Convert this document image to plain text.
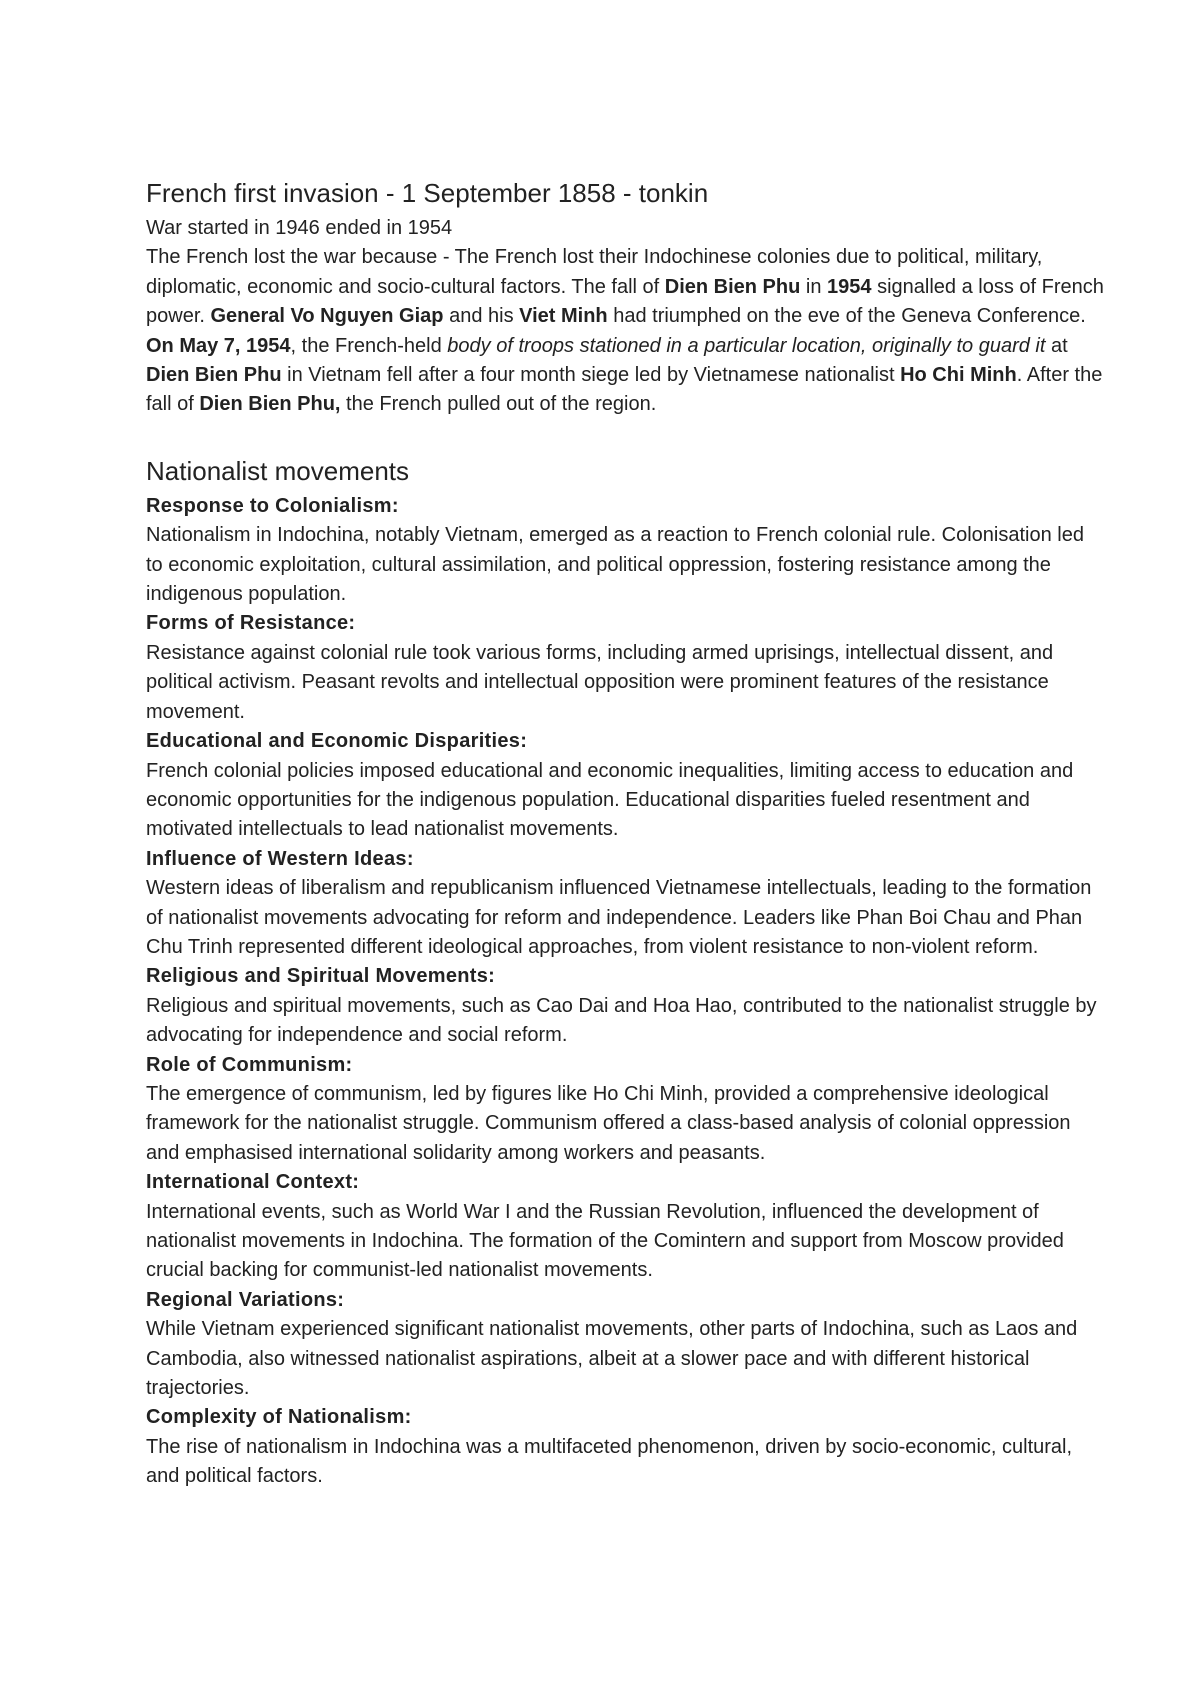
French first invasion - 1 September 1858 - tonkin

War started in 1946 ended in 1954

The French lost the war because - The French lost their Indochinese colonies due to political, military, diplomatic, economic and socio-cultural factors. The fall of Dien Bien Phu in 1954 signalled a loss of French power. General Vo Nguyen Giap and his Viet Minh had triumphed on the eve of the Geneva Conference. On May 7, 1954, the French-held body of troops stationed in a particular location, originally to guard it at Dien Bien Phu in Vietnam fell after a four month siege led by Vietnamese nationalist Ho Chi Minh. After the fall of Dien Bien Phu, the French pulled out of the region.

Nationalist movements

Response to Colonialism:

Nationalism in Indochina, notably Vietnam, emerged as a reaction to French colonial rule. Colonisation led to economic exploitation, cultural assimilation, and political oppression, fostering resistance among the indigenous population.

Forms of Resistance:

Resistance against colonial rule took various forms, including armed uprisings, intellectual dissent, and political activism. Peasant revolts and intellectual opposition were prominent features of the resistance movement.

Educational and Economic Disparities:

French colonial policies imposed educational and economic inequalities, limiting access to education and economic opportunities for the indigenous population. Educational disparities fueled resentment and motivated intellectuals to lead nationalist movements.

Influence of Western Ideas:

Western ideas of liberalism and republicanism influenced Vietnamese intellectuals, leading to the formation of nationalist movements advocating for reform and independence. Leaders like Phan Boi Chau and Phan Chu Trinh represented different ideological approaches, from violent resistance to non-violent reform.

Religious and Spiritual Movements:

Religious and spiritual movements, such as Cao Dai and Hoa Hao, contributed to the nationalist struggle by advocating for independence and social reform.

Role of Communism:

The emergence of communism, led by figures like Ho Chi Minh, provided a comprehensive ideological framework for the nationalist struggle. Communism offered a class-based analysis of colonial oppression and emphasised international solidarity among workers and peasants.

International Context:

International events, such as World War I and the Russian Revolution, influenced the development of nationalist movements in Indochina. The formation of the Comintern and support from Moscow provided crucial backing for communist-led nationalist movements.

Regional Variations:

While Vietnam experienced significant nationalist movements, other parts of Indochina, such as Laos and Cambodia, also witnessed nationalist aspirations, albeit at a slower pace and with different historical trajectories.

Complexity of Nationalism:

The rise of nationalism in Indochina was a multifaceted phenomenon, driven by socio-economic, cultural, and political factors.
